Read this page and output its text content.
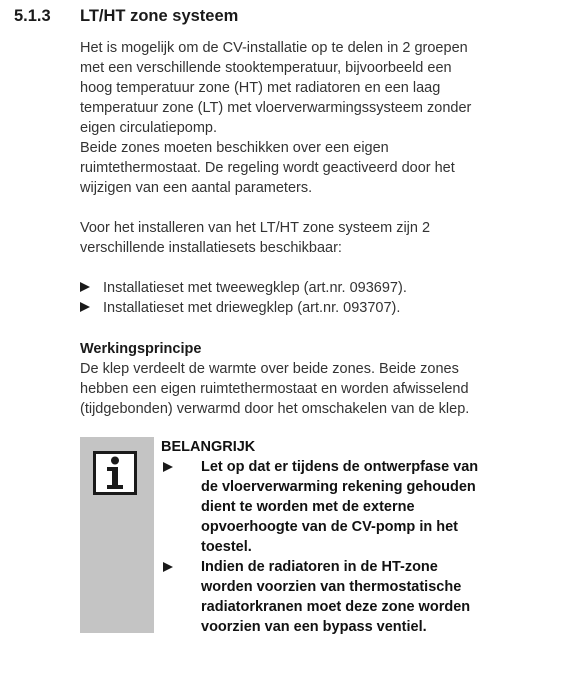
5.1.3 LT/HT zone systeem

Het is mogelijk om de CV-installatie op te delen in 2 groepen
met een verschillende stooktemperatuur, bijvoorbeeld een
hoog temperatuur zone (HT) met radiatoren en een laag
temperatuur zone (LT) met vloerverwarmingssysteem zonder
eigen circulatiepomp.
Beide zones moeten beschikken over een eigen
ruimtethermostaat. De regeling wordt geactiveerd door het
wijzigen van een aantal parameters.

Voor het installeren van het LT/HT zone systeem zijn 2
verschillende installatiesets beschikbaar:

Installatieset met tweewegklep (art.nr. 093697).
Installatieset met driewegklep (art.nr. 093707).
Werkingsprincipe

De klep verdeelt de warmte over beide zones. Beide zones
hebben een eigen ruimtethermostaat en worden afwisselend
(tijdgebonden) verwarmd door het omschakelen van de klep.

BELANGRIJK
Let op dat er tijdens de ontwerpfase van
de vloerverwarming rekening gehouden
dient te worden met de externe
opvoerhoogte van de CV-pomp in het
toestel.
Indien de radiatoren in de HT-zone
worden voorzien van thermostatische
radiatorkranen moet deze zone worden
voorzien van een bypass ventiel.
